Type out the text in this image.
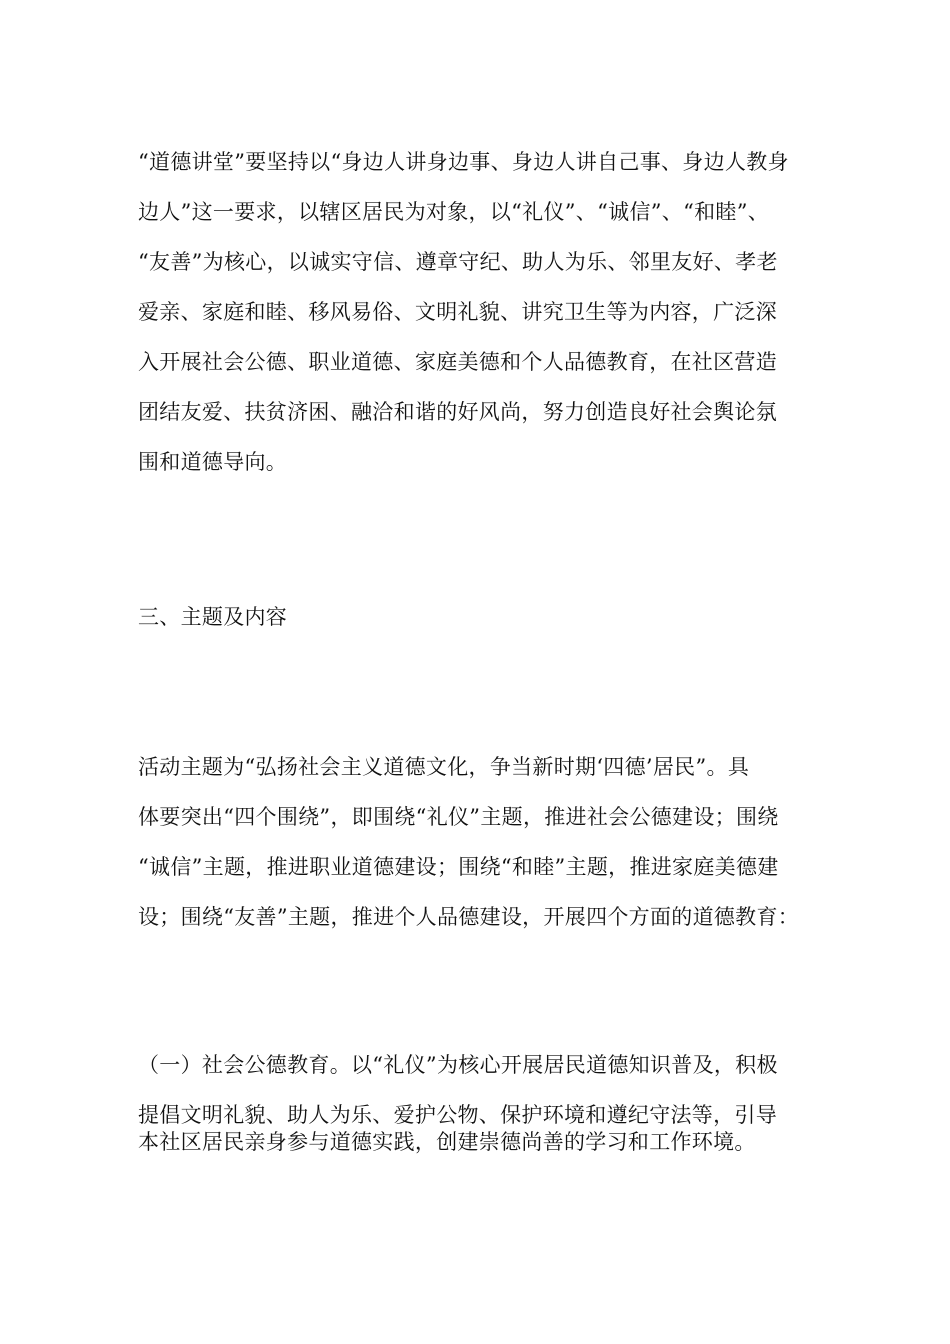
“道德讲堂”要坚持以“身边人讲身边事、身边人讲自己事、身边人教身
边人”这一要求，以辖区居民为对象，以“礼仪”、“诚信”、“和睦”、
“友善”为核心，以诚实守信、遵章守纪、助人为乐、邻里友好、孝老
爱亲、家庭和睦、移风易俗、文明礼貌、讲究卫生等为内容，广泛深
入开展社会公德、职业道德、家庭美德和个人品德教育，在社区营造
团结友爱、扶贫济困、融洽和谐的好风尚，努力创造良好社会舆论氛
围和道德导向。
三、主题及内容
活动主题为“弘扬社会主义道德文化，争当新时期‘四德’居民”。具
体要突出“四个围绕”，即围绕“礼仪”主题，推进社会公德建设；围绕
“诚信”主题，推进职业道德建设；围绕“和睦”主题，推进家庭美德建
设；围绕“友善”主题，推进个人品德建设，开展四个方面的道德教育：
（一）社会公德教育。以“礼仪”为核心开展居民道德知识普及，积极
提倡文明礼貌、助人为乐、爱护公物、保护环境和遵纪守法等，引导
本社区居民亲身参与道德实践，创建崇德尚善的学习和工作环境。
